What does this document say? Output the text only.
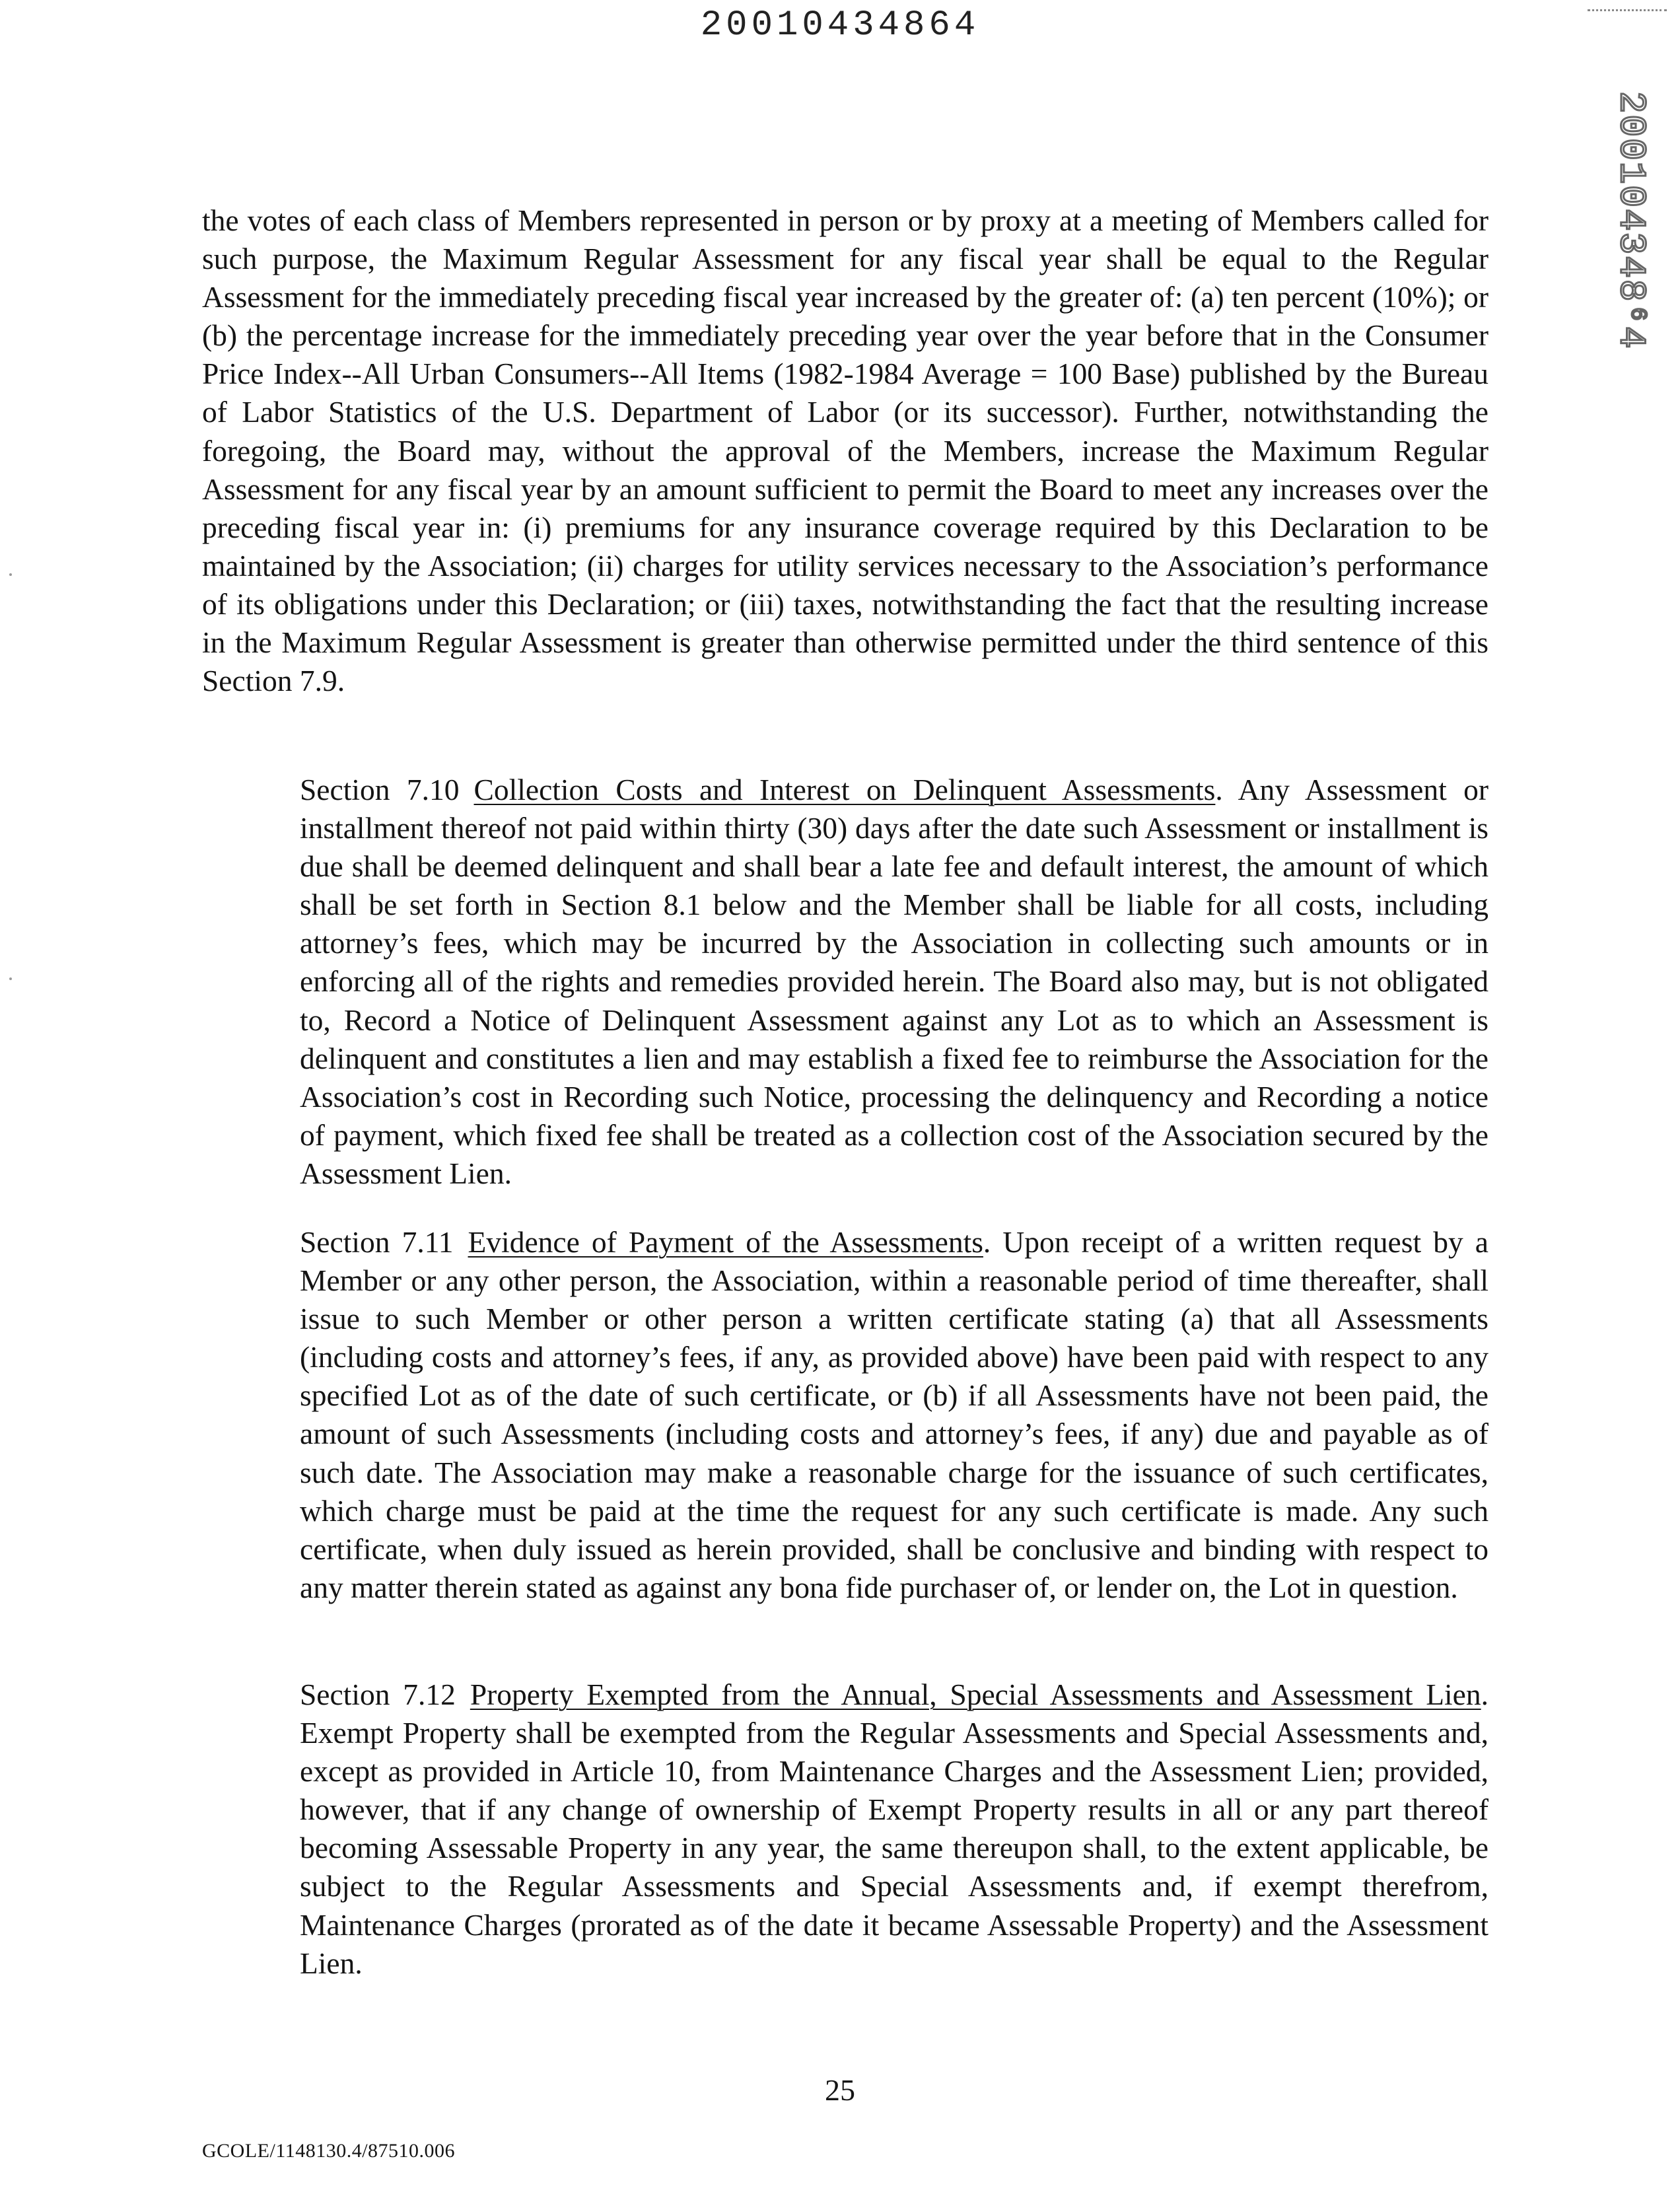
20010434864
200104348⁶4

the votes of each class of Members represented in person or by proxy at a meeting of Members called for such purpose, the Maximum Regular Assessment for any fiscal year shall be equal to the Regular Assessment for the immediately preceding fiscal year increased by the greater of: (a) ten percent (10%); or (b) the percentage increase for the immediately preceding year over the year before that in the Consumer Price Index--All Urban Consumers--All Items (1982-1984 Average = 100 Base) published by the Bureau of Labor Statistics of the U.S. Department of Labor (or its successor). Further, notwithstanding the foregoing, the Board may, without the approval of the Members, increase the Maximum Regular Assessment for any fiscal year by an amount sufficient to permit the Board to meet any increases over the preceding fiscal year in: (i) premiums for any insurance coverage required by this Declaration to be maintained by the Association; (ii) charges for utility services necessary to the Association’s performance of its obligations under this Declaration; or (iii) taxes, notwithstanding the fact that the resulting increase in the Maximum Regular Assessment is greater than otherwise permitted under the third sentence of this Section 7.9.

Section 7.10 Collection Costs and Interest on Delinquent Assessments. Any Assessment or installment thereof not paid within thirty (30) days after the date such Assessment or installment is due shall be deemed delinquent and shall bear a late fee and default interest, the amount of which shall be set forth in Section 8.1 below and the Member shall be liable for all costs, including attorney’s fees, which may be incurred by the Association in collecting such amounts or in enforcing all of the rights and remedies provided herein. The Board also may, but is not obligated to, Record a Notice of Delinquent Assessment against any Lot as to which an Assessment is delinquent and constitutes a lien and may establish a fixed fee to reimburse the Association for the Association’s cost in Recording such Notice, processing the delinquency and Recording a notice of payment, which fixed fee shall be treated as a collection cost of the Association secured by the Assessment Lien.

Section 7.11 Evidence of Payment of the Assessments. Upon receipt of a written request by a Member or any other person, the Association, within a reasonable period of time thereafter, shall issue to such Member or other person a written certificate stating (a) that all Assessments (including costs and attorney’s fees, if any, as provided above) have been paid with respect to any specified Lot as of the date of such certificate, or (b) if all Assessments have not been paid, the amount of such Assessments (including costs and attorney’s fees, if any) due and payable as of such date. The Association may make a reasonable charge for the issuance of such certificates, which charge must be paid at the time the request for any such certificate is made. Any such certificate, when duly issued as herein provided, shall be conclusive and binding with respect to any matter therein stated as against any bona fide purchaser of, or lender on, the Lot in question.

Section 7.12 Property Exempted from the Annual, Special Assessments and Assessment Lien. Exempt Property shall be exempted from the Regular Assessments and Special Assessments and, except as provided in Article 10, from Maintenance Charges and the Assessment Lien; provided, however, that if any change of ownership of Exempt Property results in all or any part thereof becoming Assessable Property in any year, the same thereupon shall, to the extent applicable, be subject to the Regular Assessments and Special Assessments and, if exempt therefrom, Maintenance Charges (prorated as of the date it became Assessable Property) and the Assessment Lien.

25
GCOLE/1148130.4/87510.006
